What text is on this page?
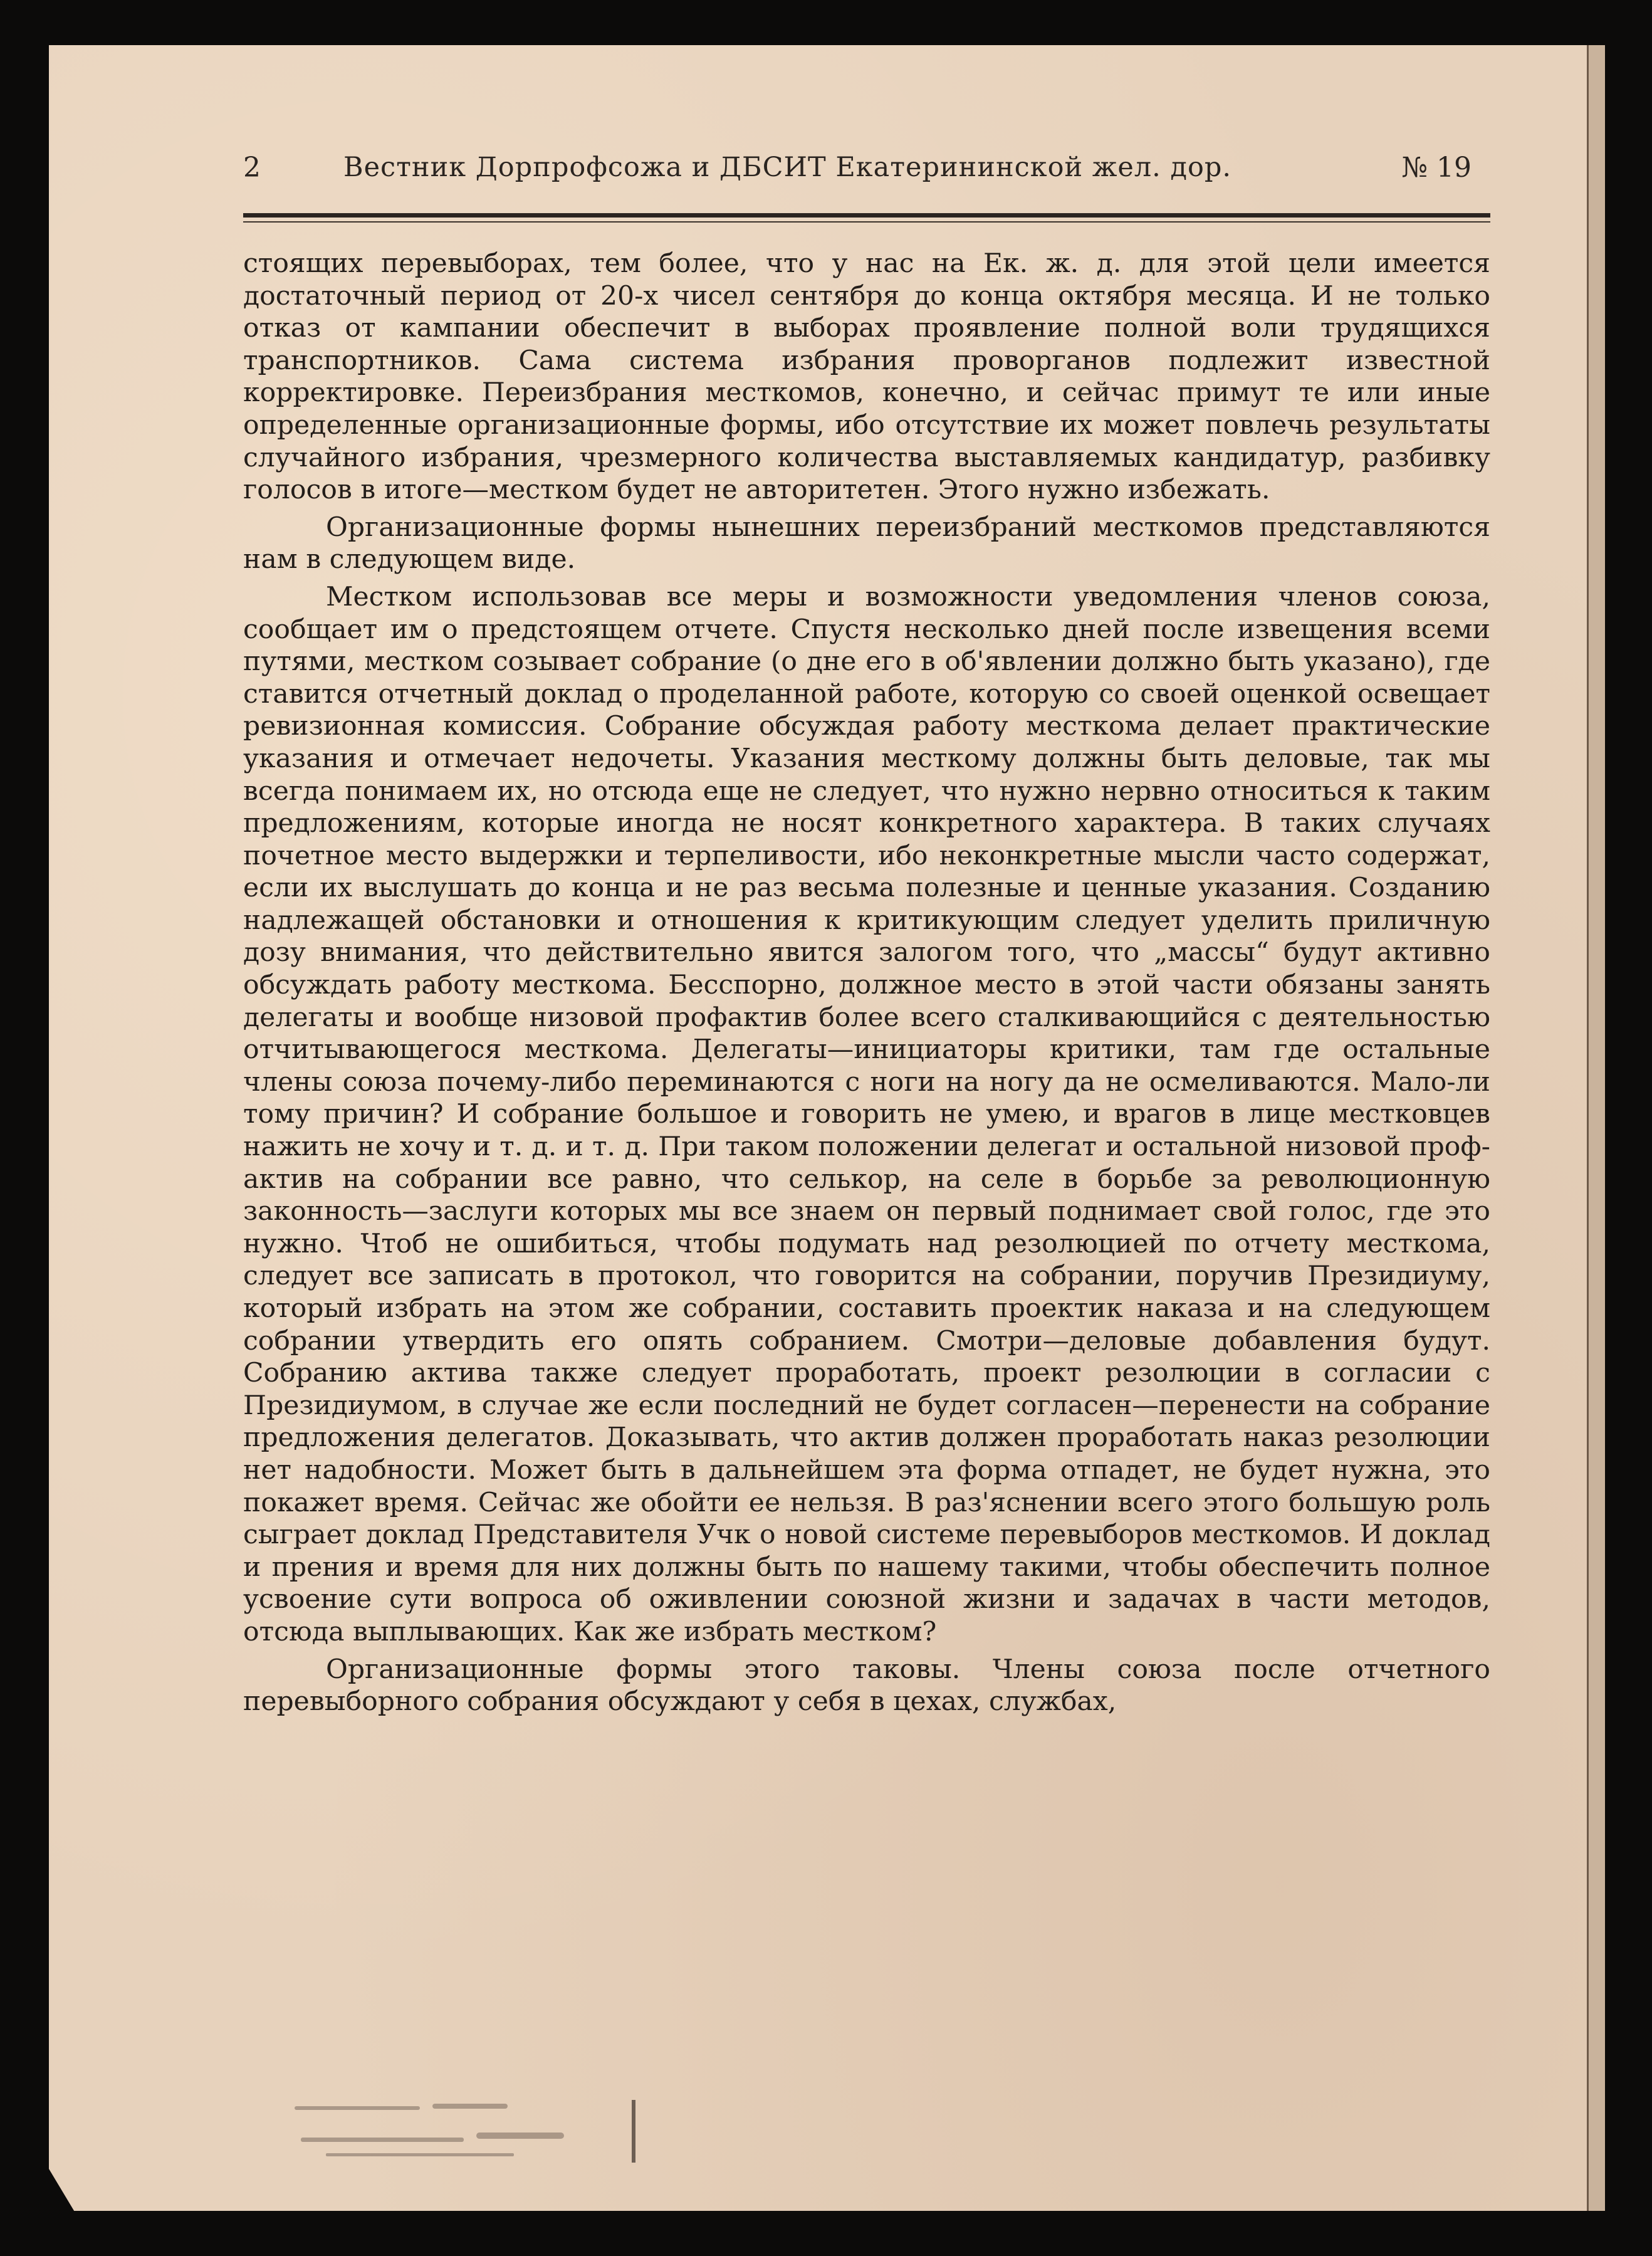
2	Вестник Дорпрофсожа и ДБСИТ Екатерининской жел. дор.	№ 19

стоящих перевыборах, тем более, что у нас на Ек. ж. д. для этой цели имеется достаточный период от 20-х чисел сентября до конца октября месяца. И не только отказ от кампании обеспечит в выборах проявление полной воли трудящихся транспортников. Сама система избрания проворганов подлежит известной корректировке. Переизбрания месткомов, конечно, и сейчас примут те или иные определенные организационные формы, ибо отсутствие их может повлечь результаты случайного избрания, чрезмерного количества выставляемых кандидатур, разбивку голосов в итоге—местком будет не авторитетен. Этого нужно избежать.

Организационные формы нынешних переизбраний месткомов представляются нам в следующем виде.

Местком использовав все меры и возможности уведомления членов союза, сообщает им о предстоящем отчете. Спустя несколько дней после извещения всеми путями, местком созывает собрание (о дне его в об'явлении должно быть указано), где ставится отчетный доклад о проделанной работе, которую со своей оценкой освещает ревизионная комиссия. Собрание обсуждая работу месткома делает практические указания и отмечает недочеты. Указания месткому должны быть деловые, так мы всегда понимаем их, но отсюда еще не следует, что нужно нервно относиться к таким предложениям, которые иногда не носят конкретного характера. В таких случаях почетное место выдержки и терпеливости, ибо неконкретные мысли часто содержат, если их выслушать до конца и не раз весьма полезные и ценные указания. Созданию надлежащей обстановки и отношения к критикующим следует уделить приличную дозу внимания, что действительно явится залогом того, что „массы“ будут активно обсуждать работу месткома. Бесспорно, должное место в этой части обязаны занять делегаты и вообще низовой профактив более всего сталкивающийся с деятельностью отчитывающегося месткома. Делегаты—инициаторы критики, там где остальные члены союза почему-либо переминаются с ноги на ногу да не осмеливаются. Мало-ли тому причин? И собрание большое и говорить не умею, и врагов в лице местковцев нажить не хочу и т. д. и т. д. При таком положении делегат и остальной низовой проф-актив на собрании все равно, что селькор, на селе в борьбе за революционную законность—заслуги которых мы все знаем он первый поднимает свой голос, где это нужно. Чтоб не ошибиться, чтобы подумать над резолюцией по отчету месткома, следует все записать в протокол, что говорится на собрании, поручив Президиуму, который избрать на этом же собрании, составить проектик наказа и на следующем собрании утвердить его опять собранием. Смотри—деловые добавления будут. Собранию актива также следует проработать, проект резолюции в согласии с Президиумом, в случае же если последний не будет согласен—перенести на собрание предложения делегатов. Доказывать, что актив должен проработать наказ резолюции нет надобности. Может быть в дальнейшем эта форма отпадет, не будет нужна, это покажет время. Сейчас же обойти ее нельзя. В раз'яснении всего этого большую роль сыграет доклад Представителя Учк о новой системе перевыборов месткомов. И доклад и прения и время для них должны быть по нашему такими, чтобы обеспечить полное усвоение сути вопроса об оживлении союзной жизни и задачах в части методов, отсюда выплывающих. Как же избрать местком?

Организационные формы этого таковы. Члены союза после отчетного перевыборного собрания обсуждают у себя в цехах, службах,
